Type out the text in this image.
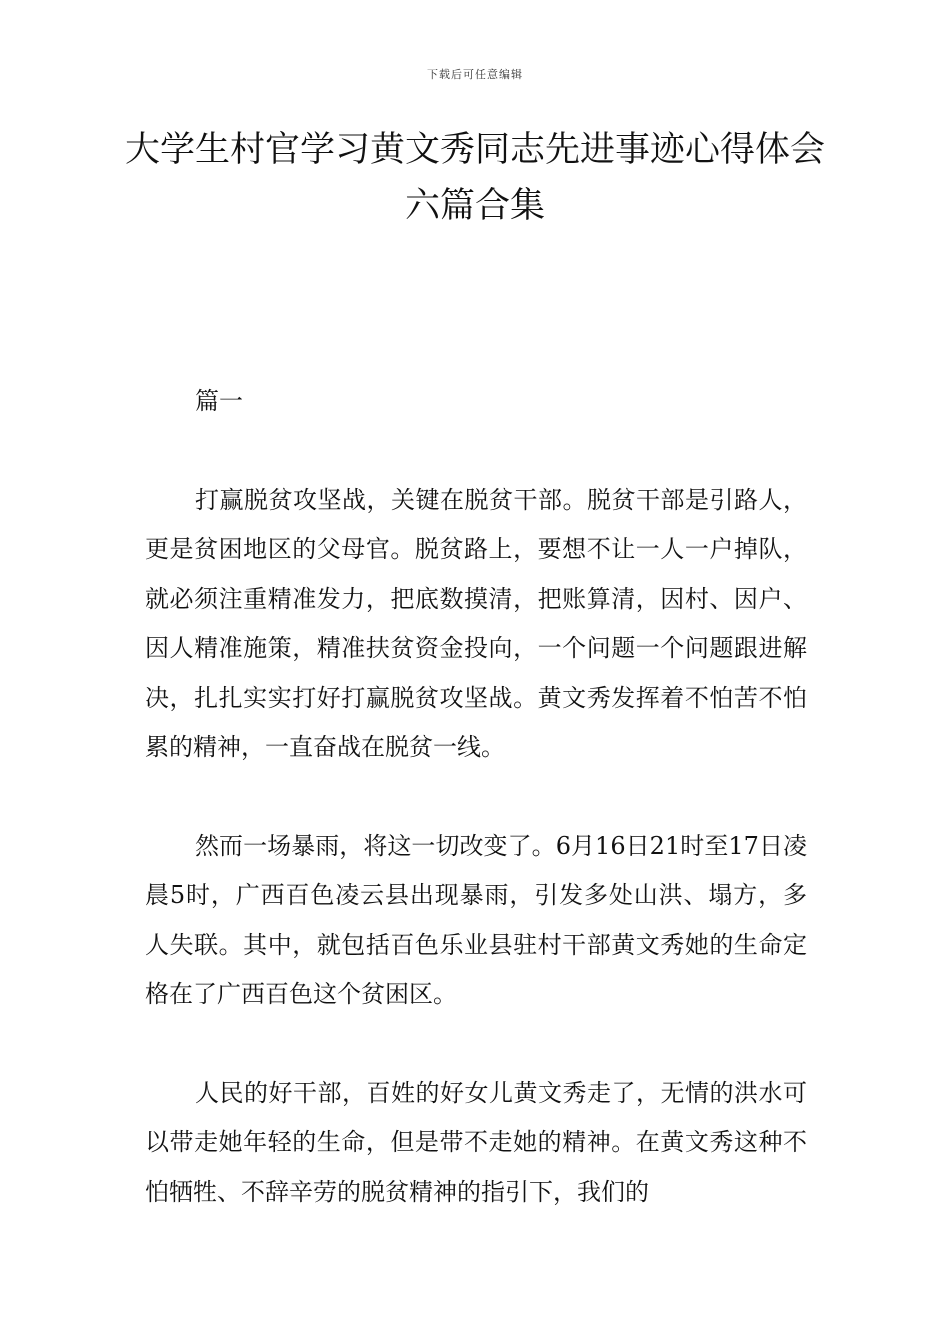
下载后可任意编辑
大学生村官学习黄文秀同志先进事迹心得体会六篇合集

篇一

打赢脱贫攻坚战，关键在脱贫干部。脱贫干部是引路人，更是贫困地区的父母官。脱贫路上，要想不让一人一户掉队，就必须注重精准发力，把底数摸清，把账算清，因村、因户、因人精准施策，精准扶贫资金投向，一个问题一个问题跟进解决，扎扎实实打好打赢脱贫攻坚战。黄文秀发挥着不怕苦不怕累的精神，一直奋战在脱贫一线。

然而一场暴雨，将这一切改变了。6月16日21时至17日凌晨5时，广西百色凌云县出现暴雨，引发多处山洪、塌方，多人失联。其中，就包括百色乐业县驻村干部黄文秀她的生命定格在了广西百色这个贫困区。

人民的好干部，百姓的好女儿黄文秀走了，无情的洪水可以带走她年轻的生命，但是带不走她的精神。在黄文秀这种不怕牺牲、不辞辛劳的脱贫精神的指引下，我们的
